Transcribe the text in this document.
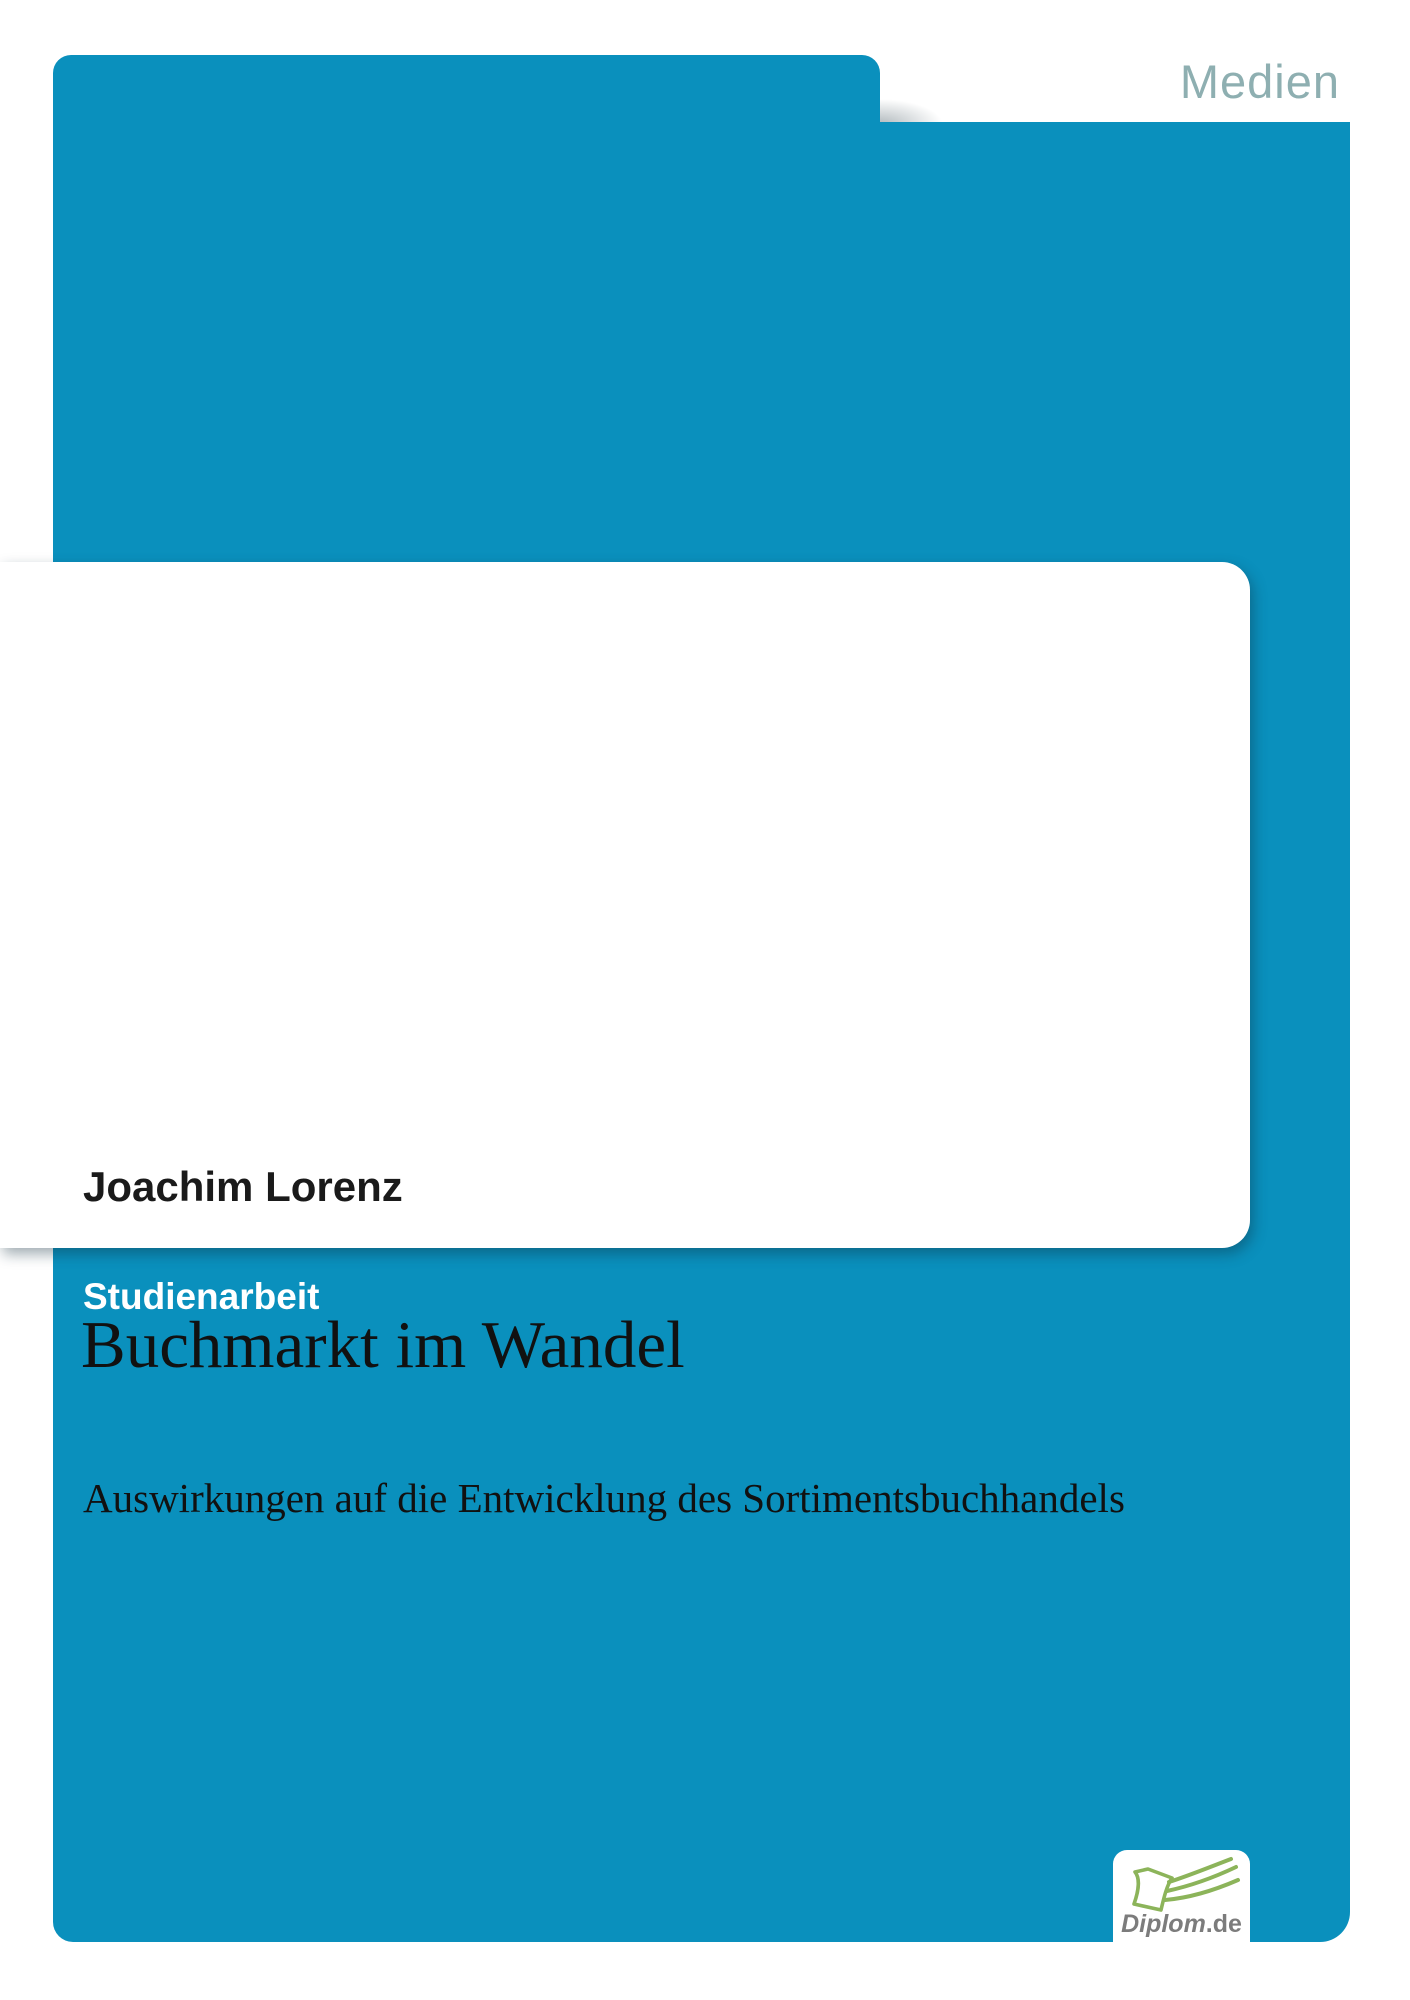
Medien
Joachim Lorenz
Buchmarkt im Wandel
Auswirkungen auf die Entwicklung des Sortimentsbuchhandels
Studienarbeit
Diplom.de
